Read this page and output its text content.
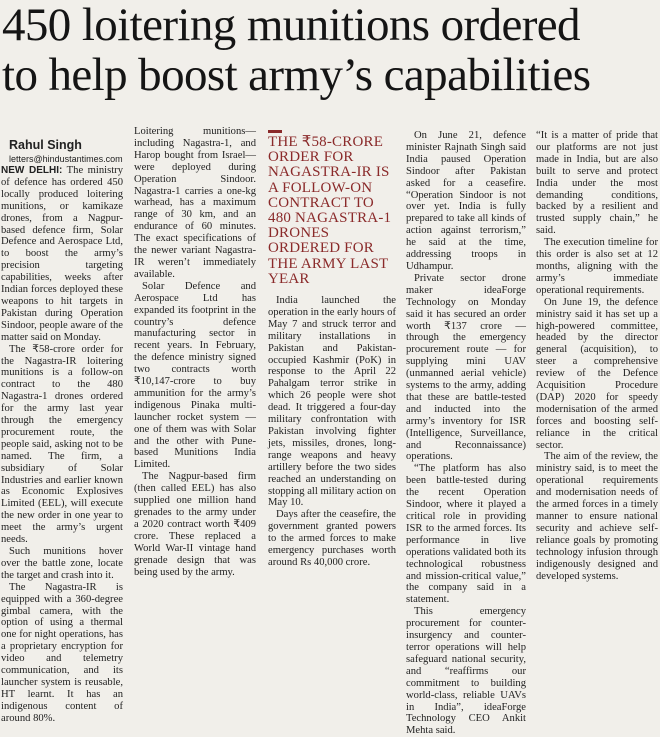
450 loitering munitions ordered
to help boost army’s capabilities

Rahul Singh

letters@hindustantimes.com

NEW DELHI: The ministry of defence has ordered 450 locally produced loitering munitions, or kamikaze drones, from a Nagpur-based defence firm, Solar Defence and Aerospace Ltd, to boost the army’s precision targeting capabilities, weeks after Indian forces deployed these weapons to hit targets in Pakistan during Operation Sindoor, people aware of the matter said on Monday.

The ₹58-crore order for the Nagastra-IR loitering munitions is a follow-on contract to the 480 Nagastra-1 drones ordered for the army last year through the emergency procurement route, the people said, asking not to be named. The firm, a subsidiary of Solar Industries and earlier known as Economic Explosives Limited (EEL), will execute the new order in one year to meet the army’s urgent needs.

Such munitions hover over the battle zone, locate the target and crash into it.

The Nagastra-IR is equipped with a 360-degree gimbal camera, with the option of using a thermal one for night operations, has a proprietary encryption for video and telemetry communication, and its launcher system is reusable, HT learnt. It has an indigenous content of around 80%.

Loitering munitions—including Nagastra-1, and Harop bought from Israel—were deployed during Operation Sindoor. Nagastra-1 carries a one-kg warhead, has a maximum range of 30 km, and an endurance of 60 minutes. The exact specifications of the newer variant Nagastra-IR weren’t immediately available.

Solar Defence and Aerospace Ltd has expanded its footprint in the country’s defence manufacturing sector in recent years. In February, the defence ministry signed two contracts worth ₹10,147-crore to buy ammunition for the army’s indigenous Pinaka multi-launcher rocket system — one of them was with Solar and the other with Pune-based Munitions India Limited.

The Nagpur-based firm (then called EEL) has also supplied one million hand grenades to the army under a 2020 contract worth ₹409 crore. These replaced a World War-II vintage hand grenade design that was being used by the army.

THE ₹58-CRORE ORDER FOR NAGASTRA-IR IS A FOLLOW-ON CONTRACT TO 480 NAGASTRA-1 DRONES ORDERED FOR THE ARMY LAST YEAR

India launched the operation in the early hours of May 7 and struck terror and military installations in Pakistan and Pakistan-occupied Kashmir (PoK) in response to the April 22 Pahalgam terror strike in which 26 people were shot dead. It triggered a four-day military confrontation with Pakistan involving fighter jets, missiles, drones, long-range weapons and heavy artillery before the two sides reached an understanding on stopping all military action on May 10.

Days after the ceasefire, the government granted powers to the armed forces to make emergency purchases worth around Rs 40,000 crore.

On June 21, defence minister Rajnath Singh said India paused Operation Sindoor after Pakistan asked for a ceasefire. “Operation Sindoor is not over yet. India is fully prepared to take all kinds of action against terrorism,” he said at the time, addressing troops in Udhampur.

Private sector drone maker ideaForge Technology on Monday said it has secured an order worth ₹137 crore — through the emergency procurement route — for supplying mini UAV (unmanned aerial vehicle) systems to the army, adding that these are battle-tested and inducted into the army’s inventory for ISR (Intelligence, Surveillance, and Reconnaissance) operations.

“The platform has also been battle-tested during the recent Operation Sindoor, where it played a critical role in providing ISR to the armed forces. Its performance in live operations validated both its technological robustness and mission-critical value,” the company said in a statement.

This emergency procurement for counter-insurgency and counter-terror operations will help safeguard national security, and “reaffirms our commitment to building world-class, reliable UAVs in India”, ideaForge Technology CEO Ankit Mehta said.

“It is a matter of pride that our platforms are not just made in India, but are also built to serve and protect India under the most demanding conditions, backed by a resilient and trusted supply chain,” he said.

The execution timeline for this order is also set at 12 months, aligning with the army’s immediate operational requirements.

On June 19, the defence ministry said it has set up a high-powered committee, headed by the director general (acquisition), to steer a comprehensive review of the Defence Acquisition Procedure (DAP) 2020 for speedy modernisation of the armed forces and boosting self-reliance in the critical sector.

The aim of the review, the ministry said, is to meet the operational requirements and modernisation needs of the armed forces in a timely manner to ensure national security and achieve self-reliance goals by promoting technology infusion through indigenously designed and developed systems.
